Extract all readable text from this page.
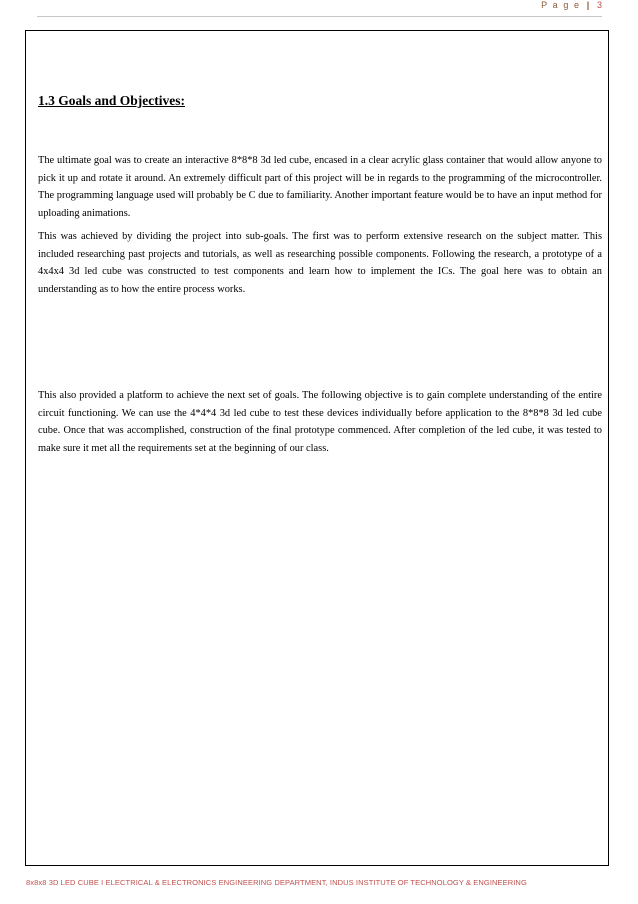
P a g e | 3
1.3 Goals and Objectives:

The ultimate goal was to create an interactive 8*8*8 3d led cube, encased in a clear acrylic glass container that would allow anyone to pick it up and rotate it around. An extremely difficult part of this project will be in regards to the programming of the microcontroller. The programming language used will probably be C due to familiarity. Another important feature would be to have an input method for uploading animations.

This was achieved by dividing the project into sub-goals. The first was to perform extensive research on the subject matter. This included researching past projects and tutorials, as well as researching possible components. Following the research, a prototype of a 4x4x4 3d led cube was constructed to test components and learn how to implement the ICs. The goal here was to obtain an understanding as to how the entire process works.

This also provided a platform to achieve the next set of goals. The following objective is to gain complete understanding of the entire circuit functioning. We can use the 4*4*4 3d led cube to test these devices individually before application to the 8*8*8 3d led cube cube. Once that was accomplished, construction of the final prototype commenced. After completion of the led cube, it was tested to make sure it met all the requirements set at the beginning of our class.

8x8x8 3D LED CUBE I ELECTRICAL & ELECTRONICS ENGINEERING DEPARTMENT, INDUS INSTITUTE OF TECHNOLOGY & ENGINEERING
